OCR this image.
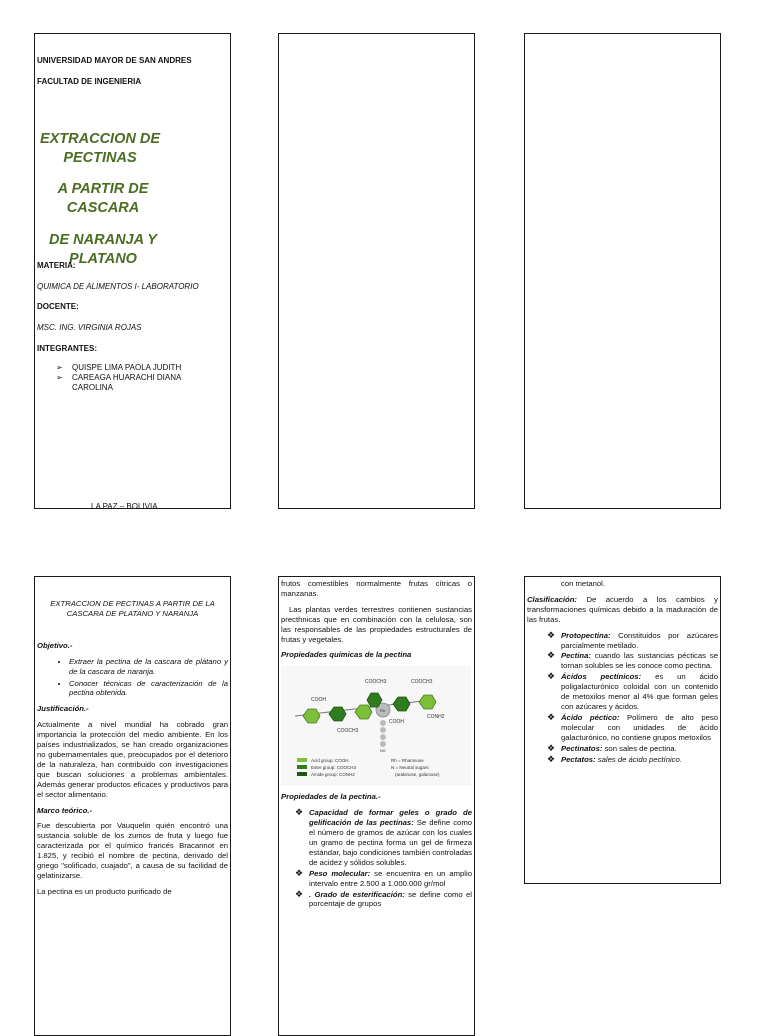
UNIVERSIDAD MAYOR DE SAN ANDRES
FACULTAD DE INGENIERIA
EXTRACCION DE PECTINAS
A PARTIR DE CASCARA
DE NARANJA Y PLATANO
MATERIA:
QUIMICA DE ALIMENTOS I- LABORATORIO
DOCENTE:
MSC. ING. VIRGINIA ROJAS
INTEGRANTES:
LA PAZ – BOLIVIA
➢ QUISPE LIMA PAOLA JUDITH
➢ CAREAGA HUARACHI DIANA CAROLINA

EXTRACCION DE PECTINAS A PARTIR DE LA CASCARA DE PLATANO Y NARANJA

Objetivo.-
• Extraer la pectina de la cascara de plátano y de la cascara de naranja.
• Conocer técnicas de caracterización de la pectina obtenida.
Justificación.-

Actualmente a nivel mundial ha cobrado gran importancia la protección del medio ambiente. En los países industrializados, se han creado organizaciones no gubernamentales que, preocupados por el deterioro de la naturaleza, han contribuido con investigaciones que buscan soluciones a problemas ambientales. Además generar productos eficaces y productivos para el sector alimentario.

Marco teórico.-

Fue descubierta por Vauquelin quién encontró una sustancia soluble de los zumos de fruta y luego fue caracterizada por el químico francés Bracannot en 1.825, y recibió el nombre de pectina, derivado del griego "solificado, cuajado", a causa de su facilidad de gelatinizarse.

La pectina es un producto purificado de

frutos comestibles normalmente frutas cítricas o manzanas.

Las plantas verdes terrestres contienen sustancias precthnicas que en combinación con la celulosa, son las responsables de las propiedades estructurales de frutas y vegetales.

Propiedades químicas de la pectina
COOCH3	COOCH3
COOH
COOH
CONH2
COOCH3
Rh
NS
Acid group: COOH
Ester group: COOCH3
Amide group: CONH2
Rh = Rhamnose
N = Neutral sugars
(arabinose, galactose)
Propiedades de la pectina.-
❖ Capacidad de formar geles o grado de gelificación de las pectinas: Se define como el número de gramos de azúcar con los cuales un gramo de pectina forma un gel de firmeza estándar, bajo condiciones también controladas de acidez y sólidos solubles.
❖ Peso molecular: se encuentra en un amplio intervalo entre 2.500 a 1.000.000 gr/mol
❖ . Grado de esterificación: se define como el porcentaje de grupos

con metanol.

Clasificación: De acuerdo a los cambios y transformaciones químicas debido a la maduración de las frutas.

❖ Protopectina: Constituidos por azúcares parcialmente metilado.
❖ Pectina: cuando las sustancias pécticas se tornan solubles se les conoce como pectina.
❖ Ácidos pectínicos: es un ácido poligalacturónico coloidal con un contenido de metoxilos menor al 4% que forman geles con azúcares y ácidos.
❖ Ácido péctico: Polímero de alto peso molecular con unidades de ácido galacturónico, no contiene grupos metoxilos
❖ Pectinatos: son sales de pectina.
❖ Pectatos: sales de ácido pectínico.
